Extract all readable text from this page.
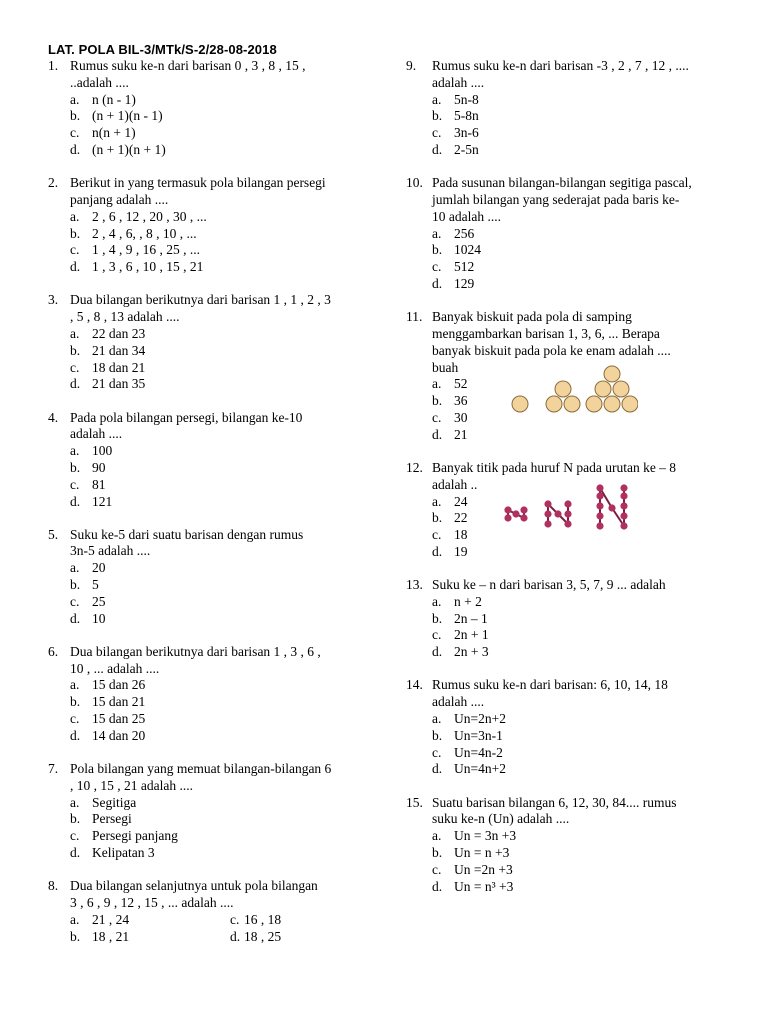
LAT. POLA BIL-3/MTk/S-2/28-08-2018
1. Rumus suku ke-n dari barisan 0 , 3 , 8 , 15 ,
..adalah ....
a. n (n - 1)
b. (n + 1)(n - 1)
c. n(n + 1)
d. (n + 1)(n + 1)
2. Berikut in yang termasuk pola bilangan persegi
panjang adalah ....
a. 2 , 6 , 12 , 20 , 30 , ...
b. 2 , 4 , 6, , 8 , 10 , ...
c. 1 , 4 , 9 , 16 , 25 , ...
d. 1 , 3 , 6 , 10 , 15 , 21
3. Dua bilangan berikutnya dari barisan 1 , 1 , 2 , 3
, 5 , 8 , 13 adalah ....
a. 22 dan 23
b. 21 dan 34
c. 18 dan 21
d. 21 dan 35
4. Pada pola bilangan persegi, bilangan ke-10
adalah ....
a. 100
b. 90
c. 81
d. 121
5. Suku ke-5 dari suatu barisan dengan rumus
3n-5 adalah ....
a. 20
b. 5
c. 25
d. 10
6. Dua bilangan berikutnya dari barisan 1 , 3 , 6 ,
10 , ... adalah ....
a. 15 dan 26
b. 15 dan 21
c. 15 dan 25
d. 14 dan 20
7. Pola bilangan yang memuat bilangan-bilangan 6
, 10 , 15 , 21 adalah ....
a. Segitiga
b. Persegi
c. Persegi panjang
d. Kelipatan 3
8. Dua bilangan selanjutnya untuk pola bilangan
3 , 6 , 9 , 12 , 15 , ... adalah ....
a. 21 , 24	c. 16 , 18
b. 18 , 21	d. 18 , 25
9.	Rumus suku ke-n dari barisan -3 , 2 , 7 , 12 , ....
adalah ....
a. 5n-8
b. 5-8n
c. 3n-6
d. 2-5n
10. Pada susunan bilangan-bilangan segitiga pascal,
jumlah bilangan yang sederajat pada baris ke-
10 adalah ....
a. 256
b. 1024
c. 512
d. 129
11. Banyak biskuit pada pola di samping
menggambarkan barisan 1, 3, 6, ... Berapa
banyak biskuit pada pola ke enam adalah ....
buah
a. 52
b. 36
c. 30
d. 21
12. Banyak titik pada huruf N pada urutan ke – 8
adalah ..
a. 24
b. 22
c. 18
d. 19
13. Suku ke – n dari barisan 3, 5, 7, 9 ... adalah
a. n + 2
b. 2n – 1
c. 2n + 1
d. 2n + 3
14. Rumus suku ke-n dari barisan: 6, 10, 14, 18
adalah ....
a. Un=2n+2
b. Un=3n-1
c. Un=4n-2
d. Un=4n+2
15. Suatu barisan bilangan 6, 12, 30, 84.... rumus
suku ke-n (Un) adalah ....
a. Un = 3n +3
b. Un = n +3
c. Un =2n +3
d. Un = n³ +3
